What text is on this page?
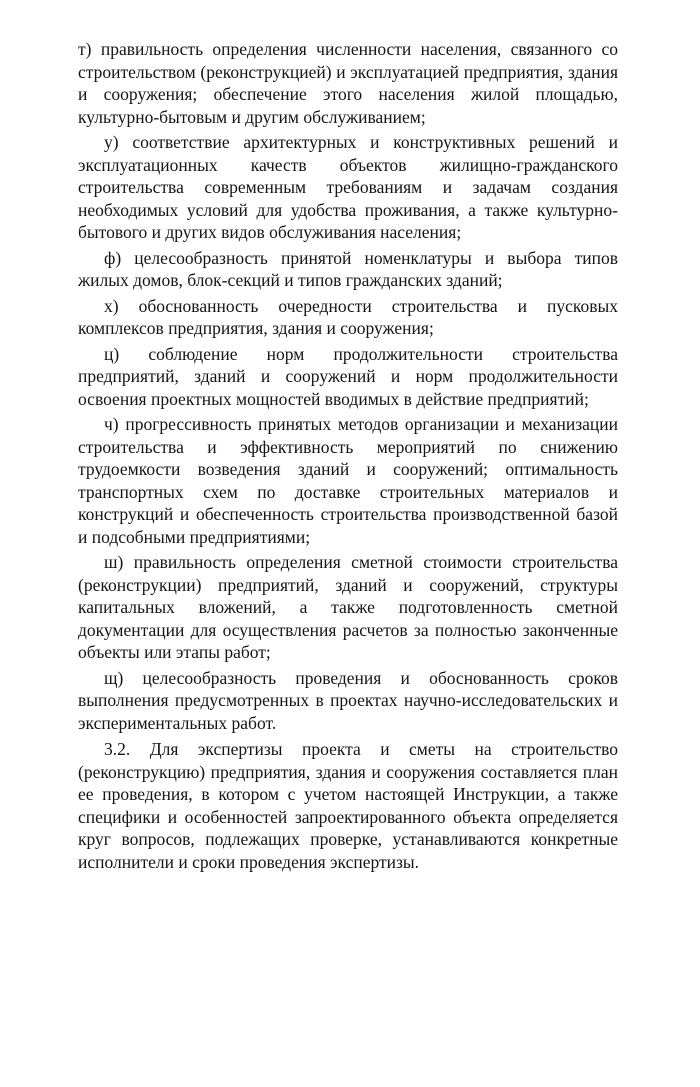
т) правильность определения численности населения, связанного со строительством (реконструкцией) и эксплуатацией предприятия, здания и сооружения; обеспечение этого населения жилой площадью, культурно-бытовым и другим обслуживанием;

у) соответствие архитектурных и конструктивных решений и эксплуатационных качеств объектов жилищно-гражданского строительства современным требованиям и задачам создания необходимых условий для удобства проживания, а также культурно-бытового и других видов обслуживания населения;

ф) целесообразность принятой номенклатуры и выбора типов жилых домов, блок-секций и типов гражданских зданий;

х) обоснованность очередности строительства и пусковых комплексов предприятия, здания и сооружения;

ц) соблюдение норм продолжительности строительства предприятий, зданий и сооружений и норм продолжительности освоения проектных мощностей вводимых в действие предприятий;

ч) прогрессивность принятых методов организации и механизации строительства и эффективность мероприятий по снижению трудоемкости возведения зданий и сооружений; оптимальность транспортных схем по доставке строительных материалов и конструкций и обеспеченность строительства производственной базой и подсобными предприятиями;

ш) правильность определения сметной стоимости строительства (реконструкции) предприятий, зданий и сооружений, структуры капитальных вложений, а также подготовленность сметной документации для осуществления расчетов за полностью законченные объекты или этапы работ;

щ) целесообразность проведения и обоснованность сроков выполнения предусмотренных в проектах научно-исследовательских и экспериментальных работ.

3.2. Для экспертизы проекта и сметы на строительство (реконструкцию) предприятия, здания и сооружения составляется план ее проведения, в котором с учетом настоящей Инструкции, а также специфики и особенностей запроектированного объекта определяется круг вопросов, подлежащих проверке, устанавливаются конкретные исполнители и сроки проведения экспертизы.
